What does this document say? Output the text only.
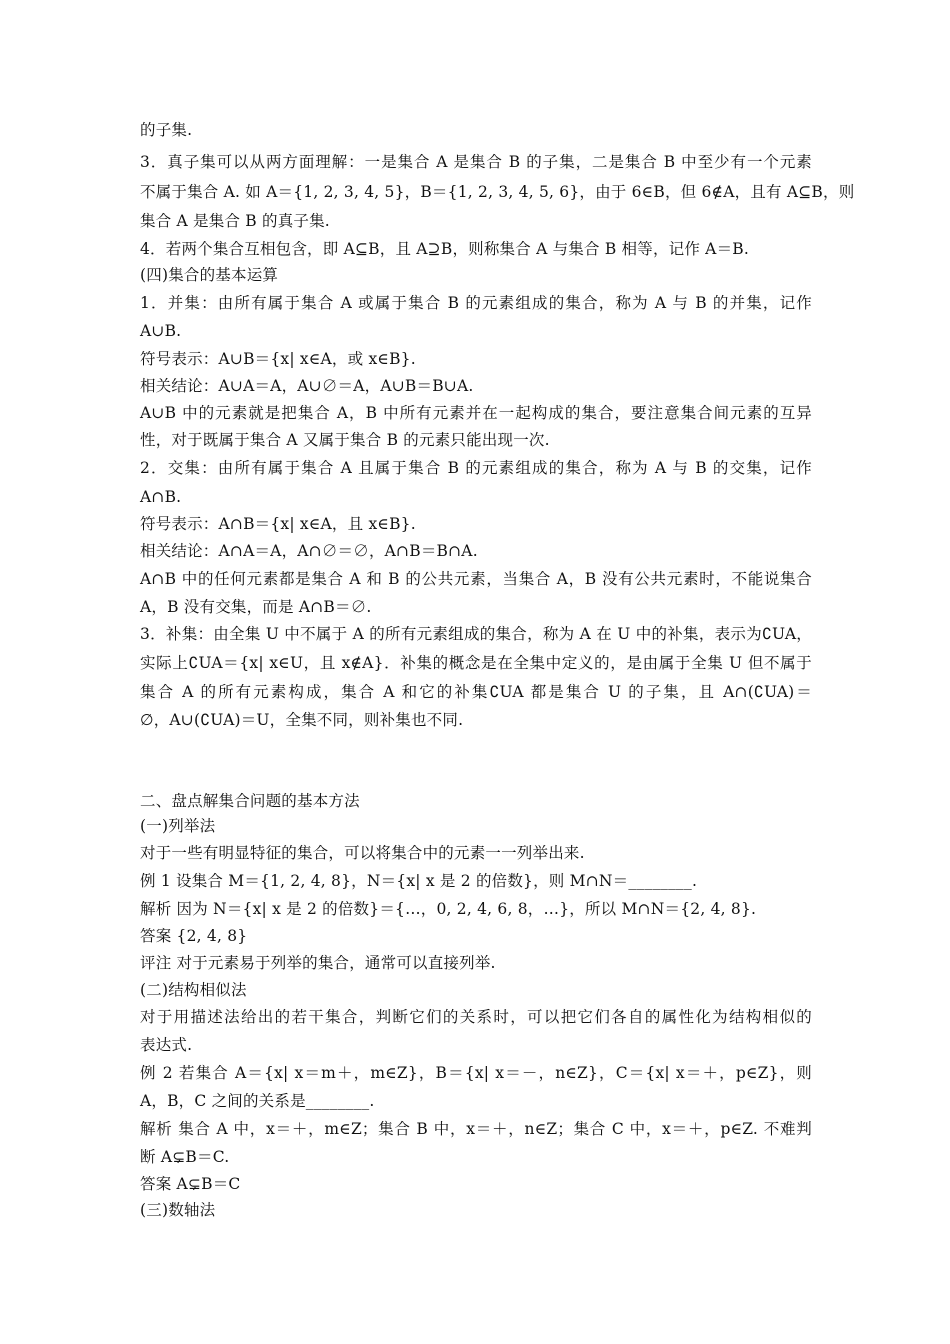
的子集.
3．真子集可以从两方面理解：一是集合 A 是集合 B 的子集，二是集合 B 中至少有一个元素
不属于集合 A. 如 A＝{1, 2, 3, 4, 5}，B＝{1, 2, 3, 4, 5, 6}，由于 6∈B，但 6∉A，且有 A⊆B，则
集合 A 是集合 B 的真子集.
4．若两个集合互相包含，即 A⊆B，且 A⊇B，则称集合 A 与集合 B 相等，记作 A＝B.
(四)集合的基本运算
1．并集：由所有属于集合 A 或属于集合 B 的元素组成的集合，称为 A 与 B 的并集，记作
A∪B.
符号表示：A∪B＝{x| x∈A，或 x∈B}.
相关结论：A∪A＝A，A∪∅＝A，A∪B＝B∪A.
A∪B 中的元素就是把集合 A，B 中所有元素并在一起构成的集合，要注意集合间元素的互异
性，对于既属于集合 A 又属于集合 B 的元素只能出现一次.
2．交集：由所有属于集合 A 且属于集合 B 的元素组成的集合，称为 A 与 B 的交集，记作
A∩B.
符号表示：A∩B＝{x| x∈A，且 x∈B}.
相关结论：A∩A＝A，A∩∅＝∅，A∩B＝B∩A.
A∩B 中的任何元素都是集合 A 和 B 的公共元素，当集合 A，B 没有公共元素时，不能说集合
A，B 没有交集，而是 A∩B＝∅.
3．补集：由全集 U 中不属于 A 的所有元素组成的集合，称为 A 在 U 中的补集，表示为∁UA，
实际上∁UA＝{x| x∈U，且 x∉A}．补集的概念是在全集中定义的，是由属于全集 U 但不属于
集合 A 的所有元素构成，集合 A 和它的补集∁UA 都是集合 U 的子集，且 A∩(∁UA)＝
∅，A∪(∁UA)＝U，全集不同，则补集也不同.
二、盘点解集合问题的基本方法
(一)列举法
对于一些有明显特征的集合，可以将集合中的元素一一列举出来.
例 1 设集合 M＝{1, 2, 4, 8}，N＝{x| x 是 2 的倍数}，则 M∩N＝________.
解析 因为 N＝{x| x 是 2 的倍数}＝{…，0, 2, 4, 6, 8，…}，所以 M∩N＝{2, 4, 8}.
答案 {2, 4, 8}
评注 对于元素易于列举的集合，通常可以直接列举.
(二)结构相似法
对于用描述法给出的若干集合，判断它们的关系时，可以把它们各自的属性化为结构相似的
表达式.
例 2 若集合 A＝{x| x＝m＋，m∈Z}，B＝{x| x＝－，n∈Z}，C＝{x| x＝＋，p∈Z}，则
A，B，C 之间的关系是________.
解析 集合 A 中，x＝＋，m∈Z；集合 B 中，x＝＋，n∈Z；集合 C 中，x＝＋，p∈Z. 不难判
断 A⊊B＝C.
答案 A⊊B＝C
(三)数轴法
